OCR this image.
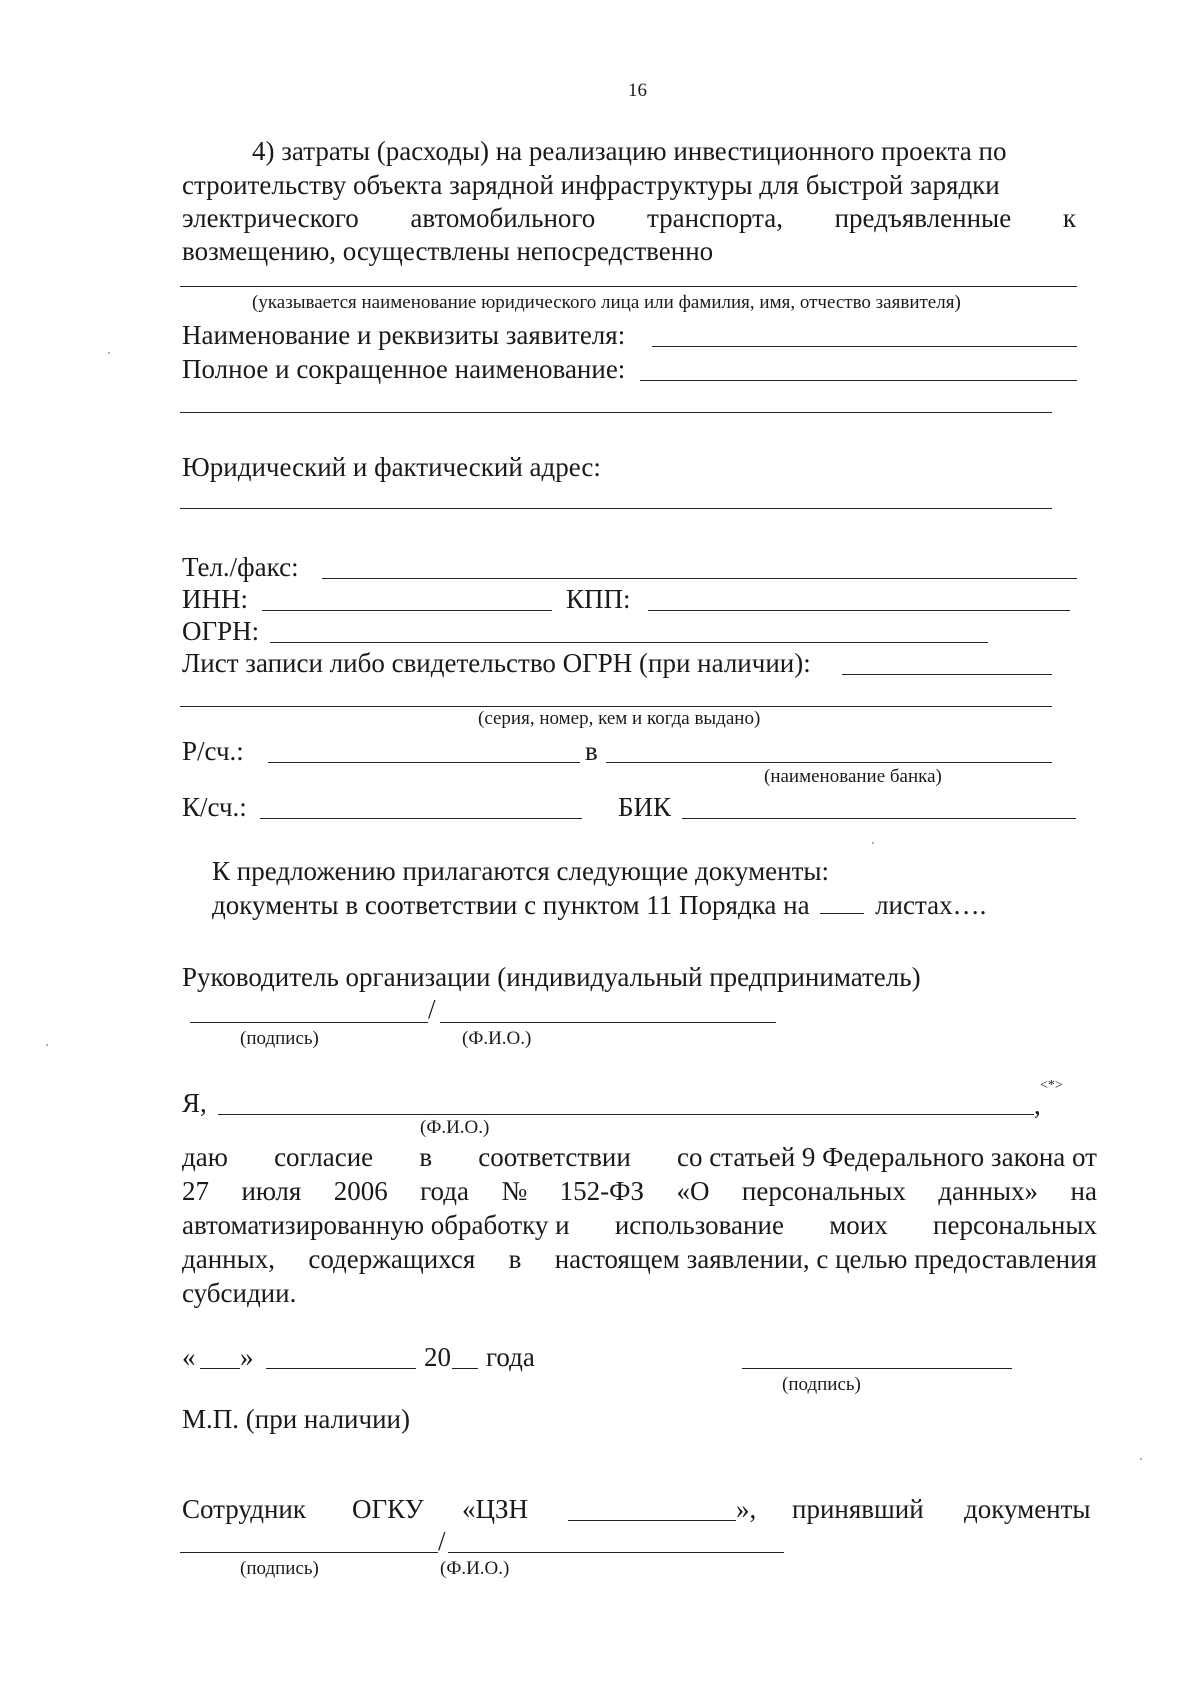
16
4) затраты (расходы) на реализацию инвестиционного проекта по
строительству объекта зарядной инфраструктуры для быстрой зарядки
электрического автомобильного транспорта, предъявленные к
возмещению, осуществлены непосредственно
(указывается наименование юридического лица или фамилия, имя, отчество заявителя)
Наименование и реквизиты заявителя:
Полное и сокращенное наименование:
Юридический и фактический адрес:
Тел./факс:
ИНН:	КПП:
ОГРН:
Лист записи либо свидетельство ОГРН (при наличии):
(серия, номер, кем и когда выдано)
Р/сч.:	в
(наименование банка)
К/сч.:	БИК
К предложению прилагаются следующие документы:
документы в соответствии с пунктом 11 Порядка на листах….
Руководитель организации (индивидуальный предприниматель)
/
(подпись)	(Ф.И.О.)
Я,	,
<*>
(Ф.И.О.)
даю согласие в соответствии со статьей 9 Федерального закона от
27 июля 2006 года № 152-ФЗ «О персональных данных» на
автоматизированную обработку и использование моих персональных
данных, содержащихся в настоящем заявлении, с целью предоставления
субсидии.
« »	20 года
(подпись)
М.П. (при наличии)
Сотрудник ОГКУ «ЦЗН	», принявший документы
/
(подпись)	(Ф.И.О.)
